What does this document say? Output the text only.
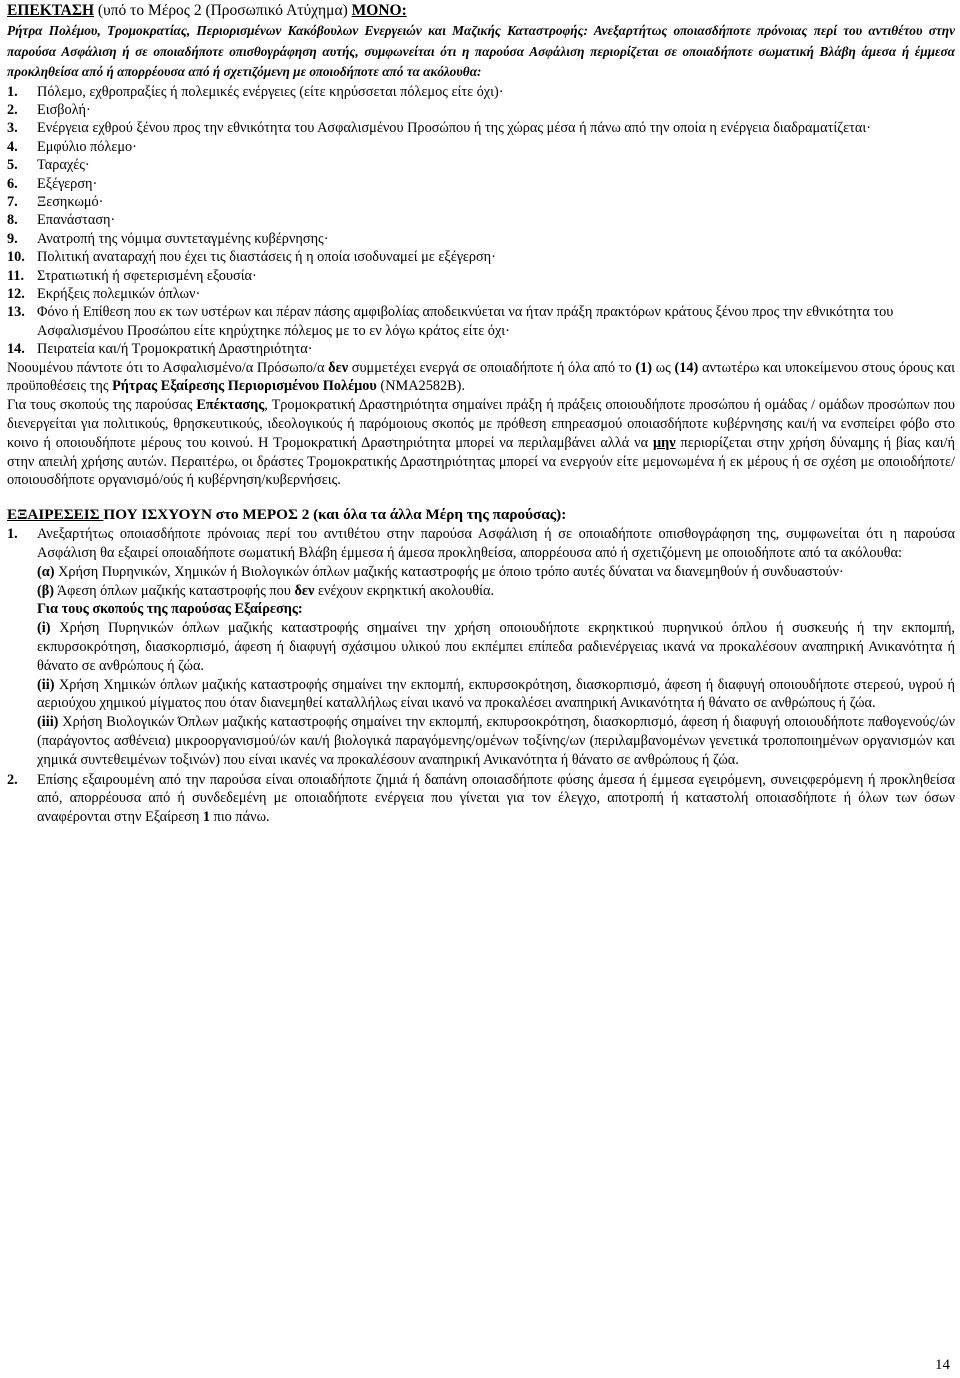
ΕΠΕΚΤΑΣΗ (υπό το Μέρος 2 (Προσωπικό Ατύχημα) ΜΟΝΟ:

Ρήτρα Πολέμου, Τρομοκρατίας, Περιορισμένων Κακόβουλων Ενεργειών και Μαζικής Καταστροφής: Ανεξαρτήτως οποιασδήποτε πρόνοιας περί του αντιθέτου στην παρούσα Ασφάλιση ή σε οποιαδήποτε οπισθογράφηση αυτής, συμφωνείται ότι η παρούσα Ασφάλιση περιορίζεται σε οποιαδήποτε σωματική Βλάβη άμεσα ή έμμεσα προκληθείσα από ή απορρέουσα από ή σχετιζόμενη με οποιοδήποτε από τα ακόλουθα:

1.	Πόλεμο, εχθροπραξίες ή πολεμικές ενέργειες (είτε κηρύσσεται πόλεμος είτε όχι)·
2.	Εισβολή·
3.	Ενέργεια εχθρού ξένου προς την εθνικότητα του Ασφαλισμένου Προσώπου ή της χώρας μέσα ή πάνω από την οποία η ενέργεια διαδραματίζεται·
4.	Εμφύλιο πόλεμο·
5.	Ταραχές·
6.	Εξέγερση·
7.	Ξεσηκωμό·
8.	Επανάσταση·
9.	Ανατροπή της νόμιμα συντεταγμένης κυβέρνησης·
10. Πολιτική αναταραχή που έχει τις διαστάσεις ή η οποία ισοδυναμεί με εξέγερση·
11. Στρατιωτική ή σφετερισμένη εξουσία·
12. Εκρήξεις πολεμικών όπλων·
13. Φόνο ή Επίθεση που εκ των υστέρων και πέραν πάσης αμφιβολίας αποδεικνύεται να ήταν πράξη πρακτόρων κράτους ξένου προς την εθνικότητα του Ασφαλισμένου Προσώπου είτε κηρύχτηκε πόλεμος με το εν λόγω κράτος είτε όχι·
14. Πειρατεία και/ή Τρομοκρατική Δραστηριότητα·

Νοουμένου πάντοτε ότι το Ασφαλισμένο/α Πρόσωπο/α δεν συμμετέχει ενεργά σε οποιαδήποτε ή όλα από το (1) ως (14) αντωτέρω και υποκείμενου στους όρους και προϋποθέσεις της Ρήτρας Εξαίρεσης Περιορισμένου Πολέμου (NMA2582B).

Για τους σκοπούς της παρούσας Επέκτασης, Τρομοκρατική Δραστηριότητα σημαίνει πράξη ή πράξεις οποιουδήποτε προσώπου ή ομάδας / ομάδων προσώπων που διενεργείται για πολιτικούς, θρησκευτικούς, ιδεολογικούς ή παρόμοιους σκοπός με πρόθεση επηρεασμού οποιασδήποτε κυβέρνησης και/ή να ενσπείρει φόβο στο κοινο ή οποιουδήποτε μέρους του κοινού. Η Τρομοκρατική Δραστηριότητα μπορεί να περιλαμβάνει αλλά να μην περιορίζεται στην χρήση δύναμης ή βίας και/ή στην απειλή χρήσης αυτών. Περαιτέρω, οι δράστες Τρομοκρατικής Δραστηριότητας μπορεί να ενεργούν είτε μεμονωμένα ή εκ μέρους ή σε σχέση με οποιοδήποτε/οποιουσδήποτε οργανισμό/ούς ή κυβέρνηση/κυβερνήσεις.

ΕΞΑΙΡΕΣΕΙΣ ΠΟΥ ΙΣΧΥΟΥΝ στο ΜΕΡΟΣ 2 (και όλα τα άλλα Μέρη της παρούσας):
1.	Ανεξαρτήτως οποιασδήποτε πρόνοιας περί του αντιθέτου στην παρούσα Ασφάλιση ή σε οποιαδήποτε οπισθογράφηση της, συμφωνείται ότι η παρούσα Ασφάλιση θα εξαιρεί οποιαδήποτε σωματική Βλάβη έμμεσα ή άμεσα προκληθείσα, απορρέουσα από ή σχετιζόμενη με οποιοδήποτε από τα ακόλουθα:

(α) Χρήση Πυρηνικών, Χημικών ή Βιολογικών όπλων μαζικής καταστροφής με όποιο τρόπο αυτές δύναται να διανεμηθούν ή συνδυαστούν·

(β) Άφεση όπλων μαζικής καταστροφής που δεν ενέχουν εκρηκτική ακολουθία.

Για τους σκοπούς της παρούσας Εξαίρεσης:

(i) Χρήση Πυρηνικών όπλων μαζικής καταστροφής σημαίνει την χρήση οποιουδήποτε εκρηκτικού πυρηνικού όπλου ή συσκευής ή την εκπομπή, εκπυρσοκρότηση, διασκορπισμό, άφεση ή διαφυγή σχάσιμου υλικού που εκπέμπει επίπεδα ραδιενέργειας ικανά να προκαλέσουν αναπηρική Ανικανότητα ή θάνατο σε ανθρώπους ή ζώα.

(ii) Χρήση Χημικών όπλων μαζικής καταστροφής σημαίνει την εκπομπή, εκπυρσοκρότηση, διασκορπισμό, άφεση ή διαφυγή οποιουδήποτε στερεού, υγρού ή αεριούχου χημικού μίγματος που όταν διανεμηθεί καταλλήλως είναι ικανό να προκαλέσει αναπηρική Ανικανότητα ή θάνατο σε ανθρώπους ή ζώα.

(iii) Χρήση Βιολογικών Όπλων μαζικής καταστροφής σημαίνει την εκπομπή, εκπυρσοκρότηση, διασκορπισμό, άφεση ή διαφυγή οποιουδήποτε παθογενούς/ών (παράγοντος ασθένεια) μικροοργανισμού/ών και/ή βιολογικά παραγόμενης/ομένων τοξίνης/ων (περιλαμβανομένων γενετικά τροποποιημένων οργανισμών και χημικά συντεθειμένων τοξινών) που είναι ικανές να προκαλέσουν αναπηρική Ανικανότητα ή θάνατο σε ανθρώπους ή ζώα.

2.	Επίσης εξαιρουμένη από την παρούσα είναι οποιαδήποτε ζημιά ή δαπάνη οποιασδήποτε φύσης άμεσα ή έμμεσα εγειρόμενη, συνειςφερόμενη ή προκληθείσα από, απορρέουσα από ή συνδεδεμένη με οποιαδήποτε ενέργεια που γίνεται για τον έλεγχο, αποτροπή ή καταστολή οποιασδήποτε ή όλων των όσων αναφέρονται στην Εξαίρεση 1 πιο πάνω.

14
